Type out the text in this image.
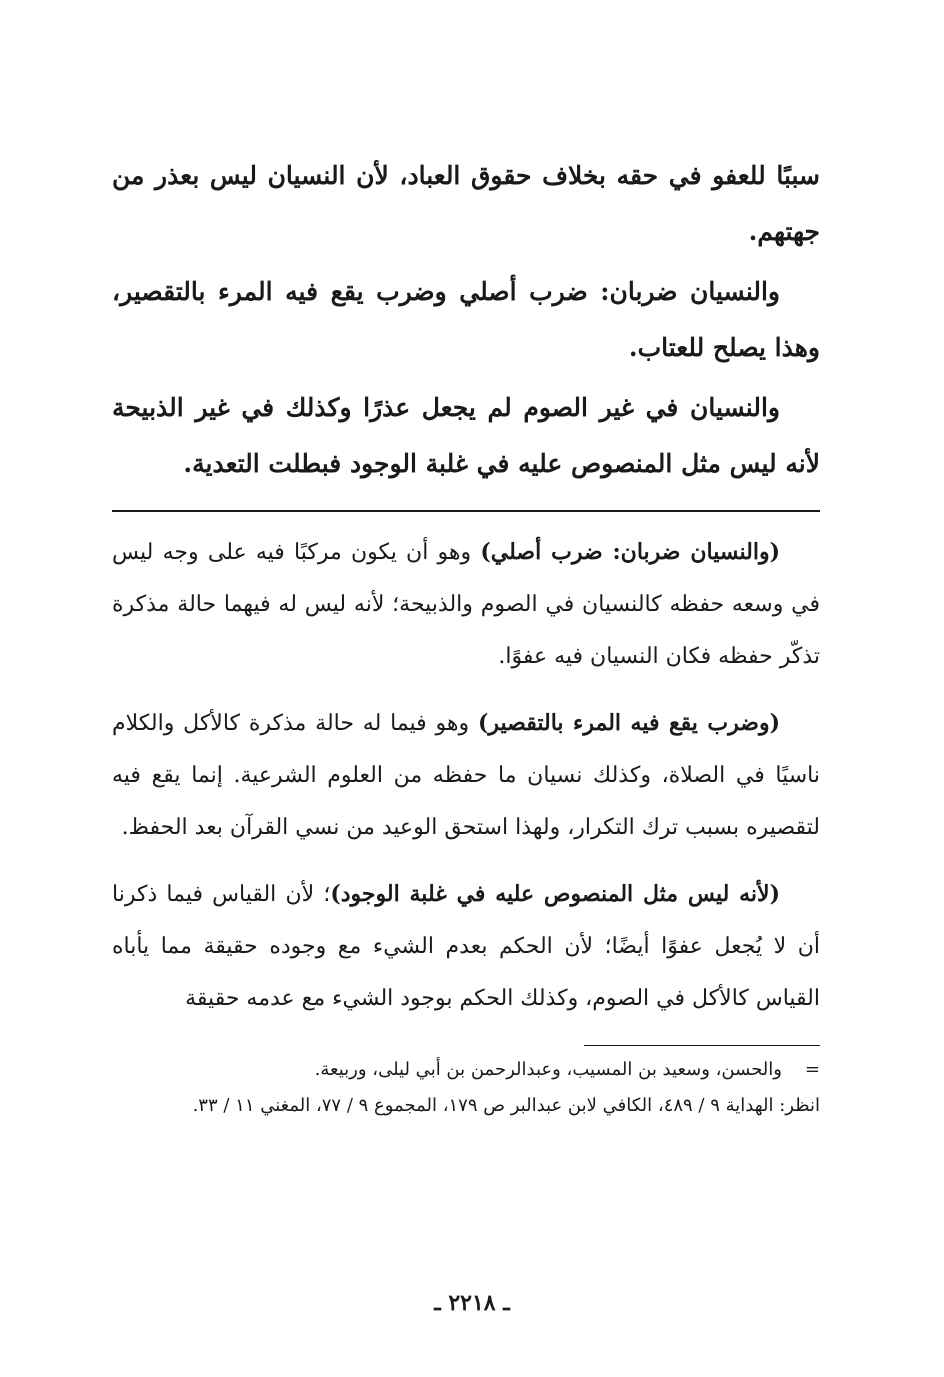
سببًا للعفو في حقه بخلاف حقوق العباد، لأن النسيان ليس بعذر من جهتهم.

والنسيان ضربان: ضرب أصلي وضرب يقع فيه المرء بالتقصير، وهذا يصلح للعتاب.

والنسيان في غير الصوم لم يجعل عذرًا وكذلك في غير الذبيحة لأنه ليس مثل المنصوص عليه في غلبة الوجود فبطلت التعدية.

(والنسيان ضربان: ضرب أصلي) وهو أن يكون مركبًا فيه على وجه ليس في وسعه حفظه كالنسيان في الصوم والذبيحة؛ لأنه ليس له فيهما حالة مذكرة تذكّر حفظه فكان النسيان فيه عفوًا.

(وضرب يقع فيه المرء بالتقصير) وهو فيما له حالة مذكرة كالأكل والكلام ناسيًا في الصلاة، وكذلك نسيان ما حفظه من العلوم الشرعية. إنما يقع فيه لتقصيره بسبب ترك التكرار، ولهذا استحق الوعيد من نسي القرآن بعد الحفظ.

(لأنه ليس مثل المنصوص عليه في غلبة الوجود)؛ لأن القياس فيما ذكرنا أن لا يُجعل عفوًا أيضًا؛ لأن الحكم بعدم الشيء مع وجوده حقيقة مما يأباه القياس كالأكل في الصوم، وكذلك الحكم بوجود الشيء مع عدمه حقيقة

=والحسن، وسعيد بن المسيب، وعبدالرحمن بن أبي ليلى، وربيعة.

انظر: الهداية ٩ / ٤٨٩، الكافي لابن عبدالبر ص ١٧٩، المجموع ٩ / ٧٧، المغني ١١ / ٣٣.

ـ ٢٢١٨ ـ
